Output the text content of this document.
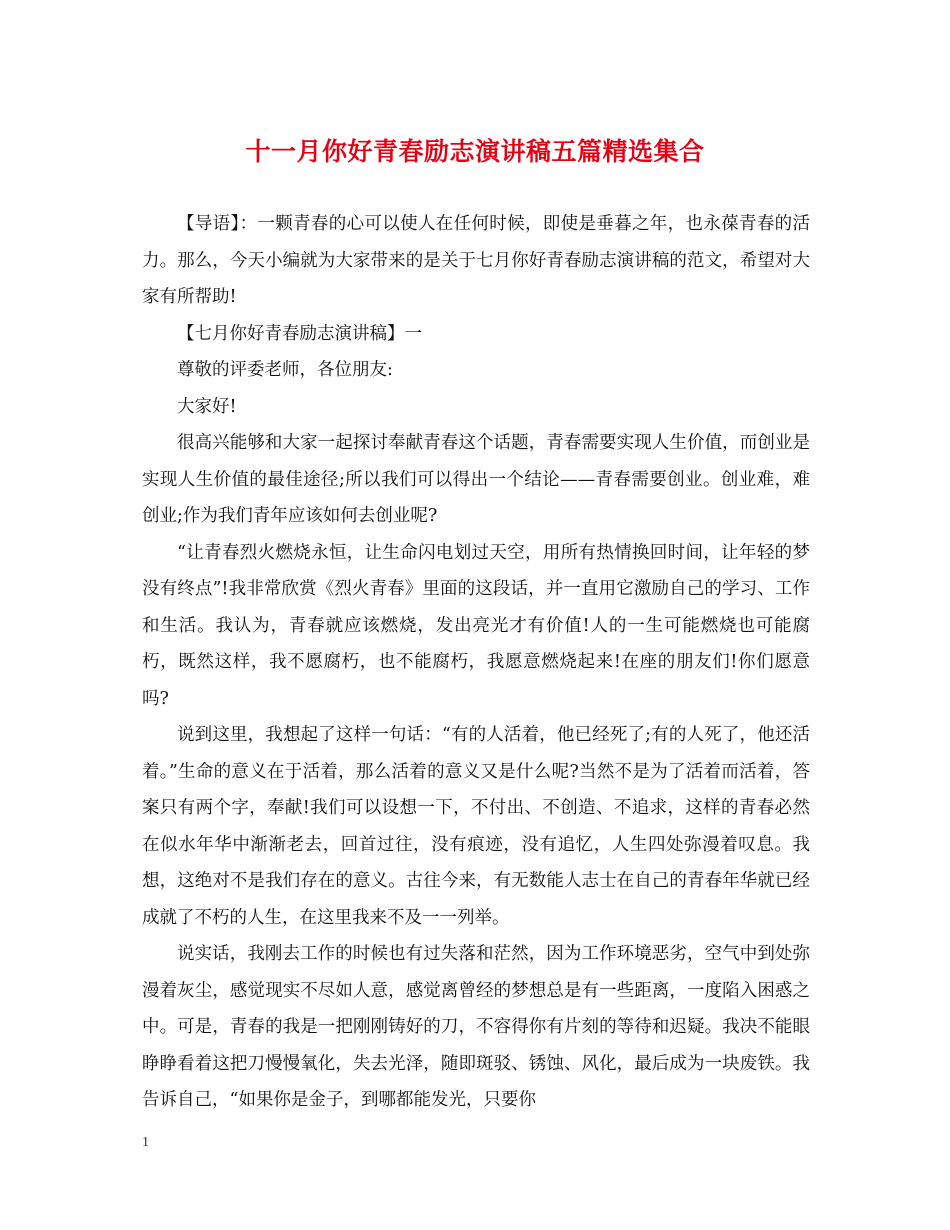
十一月你好青春励志演讲稿五篇精选集合

【导语】：一颗青春的心可以使人在任何时候，即使是垂暮之年，也永葆青春的活力。那么，今天小编就为大家带来的是关于七月你好青春励志演讲稿的范文，希望对大家有所帮助!

【七月你好青春励志演讲稿】一

尊敬的评委老师，各位朋友:

大家好!

很高兴能够和大家一起探讨奉献青春这个话题，青春需要实现人生价值，而创业是实现人生价值的最佳途径;所以我们可以得出一个结论——青春需要创业。创业难，难创业;作为我们青年应该如何去创业呢?

“让青春烈火燃烧永恒，让生命闪电划过天空，用所有热情换回时间，让年轻的梦没有终点”!我非常欣赏《烈火青春》里面的这段话，并一直用它激励自己的学习、工作和生活。我认为，青春就应该燃烧，发出亮光才有价值!人的一生可能燃烧也可能腐朽，既然这样，我不愿腐朽，也不能腐朽，我愿意燃烧起来!在座的朋友们!你们愿意吗?

说到这里，我想起了这样一句话：“有的人活着，他已经死了;有的人死了，他还活着。”生命的意义在于活着，那么活着的意义又是什么呢?当然不是为了活着而活着，答案只有两个字，奉献!我们可以设想一下，不付出、不创造、不追求，这样的青春必然在似水年华中渐渐老去，回首过往，没有痕迹，没有追忆，人生四处弥漫着叹息。我想，这绝对不是我们存在的意义。古往今来，有无数能人志士在自己的青春年华就已经成就了不朽的人生，在这里我来不及一一列举。

说实话，我刚去工作的时候也有过失落和茫然，因为工作环境恶劣，空气中到处弥漫着灰尘，感觉现实不尽如人意，感觉离曾经的梦想总是有一些距离，一度陷入困惑之中。可是，青春的我是一把刚刚铸好的刀，不容得你有片刻的等待和迟疑。我决不能眼睁睁看着这把刀慢慢氧化，失去光泽，随即斑驳、锈蚀、风化，最后成为一块废铁。我告诉自己，“如果你是金子，到哪都能发光，只要你

1
